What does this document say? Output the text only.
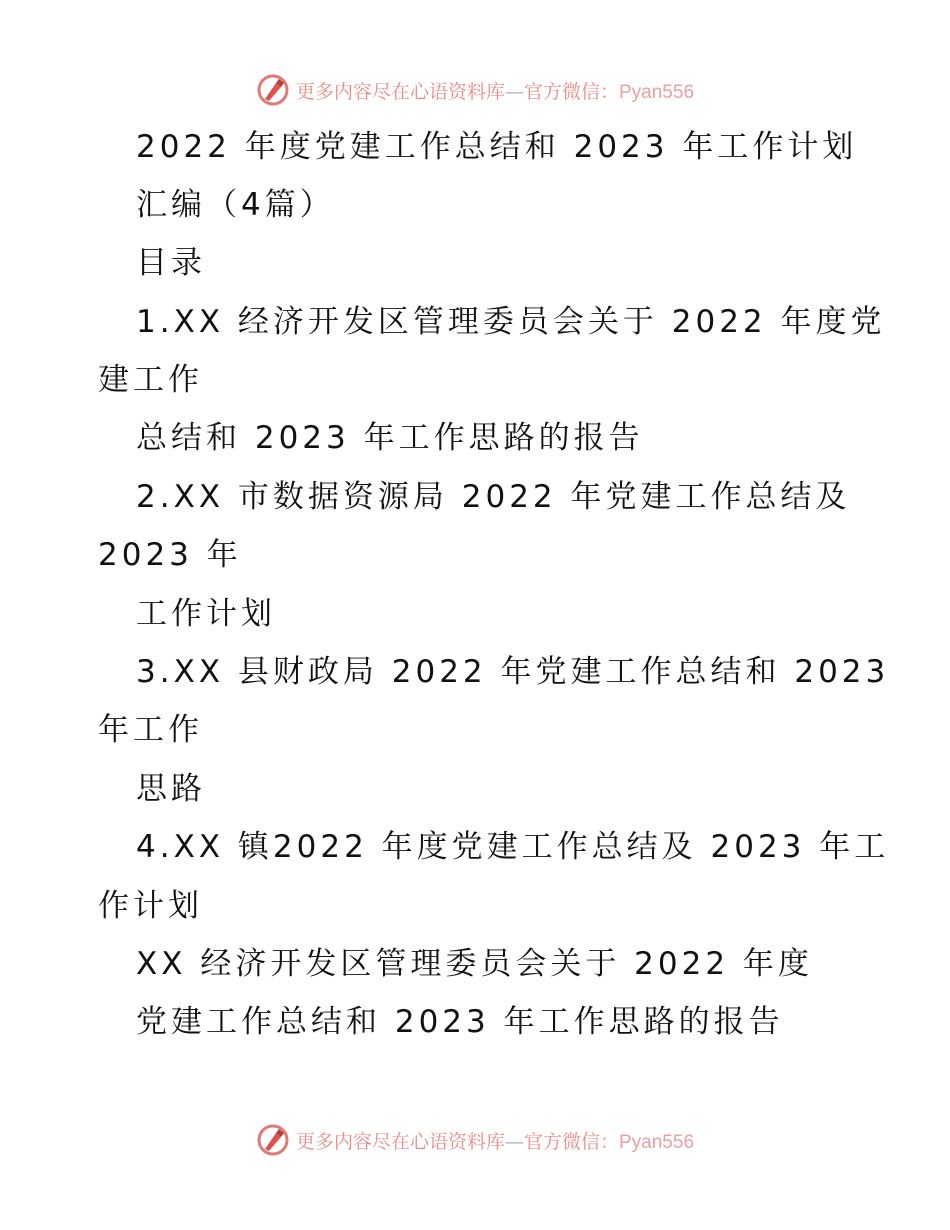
更多内容尽在心语资料库—官方微信：Pyan556
2022 年度党建工作总结和 2023 年工作计划
汇编（4篇）
目录
1.XX 经济开发区管理委员会关于 2022 年度党
建工作
总结和 2023 年工作思路的报告
2.XX 市数据资源局 2022 年党建工作总结及
2023 年
工作计划
3.XX 县财政局 2022 年党建工作总结和 2023
年工作
思路
4.XX 镇2022 年度党建工作总结及 2023 年工
作计划
XX 经济开发区管理委员会关于 2022 年度
党建工作总结和 2023 年工作思路的报告
更多内容尽在心语资料库—官方微信：Pyan556
